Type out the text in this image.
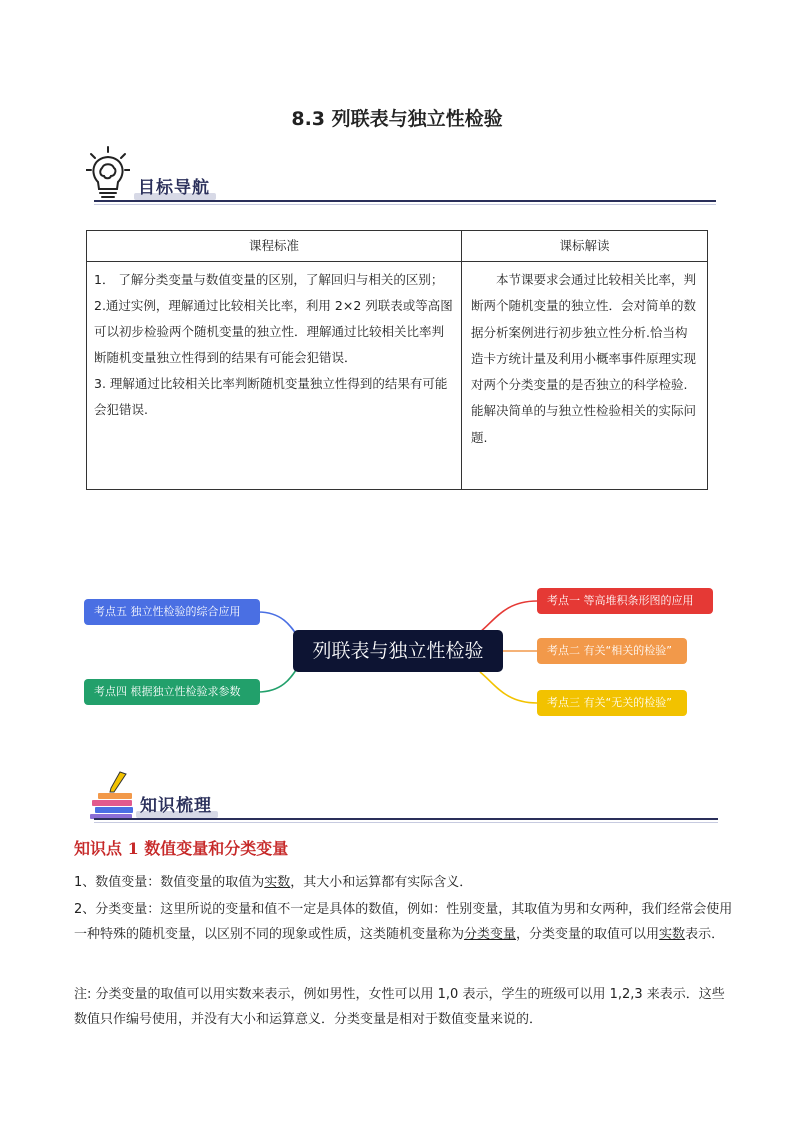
8.3 列联表与独立性检验
目标导航
课程标准	课标解读

1． 了解分类变量与数值变量的区别，了解回归与相关的区别；

2.通过实例，理解通过比较相关比率，利用 2×2 列联表或等高图可以初步检验两个随机变量的独立性．理解通过比较相关比率判断随机变量独立性得到的结果有可能会犯错误．

3. 理解通过比较相关比率判断随机变量独立性得到的结果有可能会犯错误.	本节课要求会通过比较相关比率，判断两个随机变量的独立性．会对简单的数据分析案例进行初步独立性分析.恰当构造卡方统计量及利用小概率事件原理实现对两个分类变量的是否独立的科学检验.能解决简单的与独立性检验相关的实际问题.

列联表与独立性检验
考点五 独立性检验的综合应用
考点四 根据独立性检验求参数
考点一 等高堆积条形图的应用
考点二 有关“相关的检验”
考点三 有关“无关的检验”
知识梳理
知识点 1 数值变量和分类变量

1、数值变量：数值变量的取值为实数，其大小和运算都有实际含义．

2、分类变量：这里所说的变量和值不一定是具体的数值，例如：性别变量，其取值为男和女两种，我们经常会使用一种特殊的随机变量，以区别不同的现象或性质，这类随机变量称为分类变量，分类变量的取值可以用实数表示．

注: 分类变量的取值可以用实数来表示，例如男性，女性可以用 1,0 表示，学生的班级可以用 1,2,3 来表示．这些数值只作编号使用，并没有大小和运算意义．分类变量是相对于数值变量来说的．
